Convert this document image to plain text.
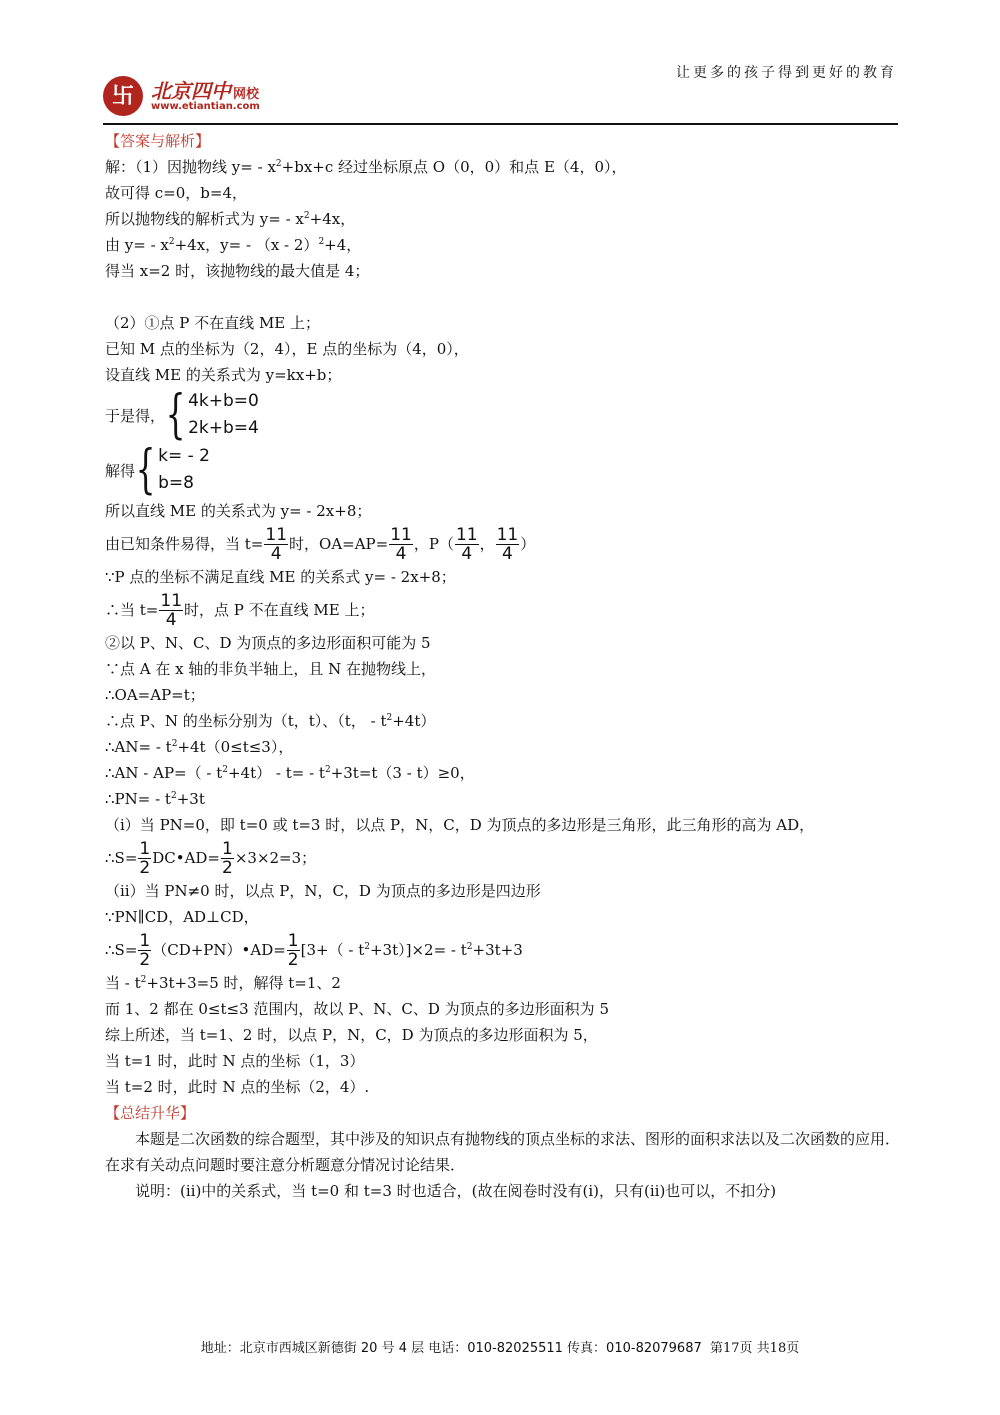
让更多的孩子得到更好的教育
卐 北京四中 网校
www.etiantian.com
【答案与解析】
解：（1）因抛物线 $y= - x^2+bx+c$ 经过坐标原点 O（0，0）和点 E（4，0），
故可得 c=0，b=4，
所以抛物线的解析式为 $y= - x^2+4x$，
由 $y= - x^2+4x$，y= - （x - 2）$^2$+4，
得当 x=2 时，该抛物线的最大值是 4；
（2）①点 P 不在直线 ME 上；
已知 M 点的坐标为（2，4），E 点的坐标为（4，0），
设直线 ME 的关系式为 y=kx+b；
于是得， { 4k+b=0
2k+b=4
解得 { k= - 2
b=8
所以直线 ME 的关系式为 y= - 2x+8；
由已知条件易得，当 $t= \frac{11}{4}$ 时，$OA=AP= \frac{11}{4}$ ，$P( \frac{11}{4}$ ， $\frac{11}{4}$ ）
∵P 点的坐标不满足直线 ME 的关系式 y= - 2x+8；
∴当 $t= \frac{11}{4}$ 时，点 P 不在直线 ME 上；
②以 P、N、C、D 为顶点的多边形面积可能为 5
∵点 A 在 x 轴的非负半轴上，且 N 在抛物线上，
∴OA=AP=t；
∴点 P、N 的坐标分别为（t，t）、（t， - $t^2+4t$）
∴AN= - $t^2+4t(0\le t\le 3)$，
∴AN - $AP=( - t^2+4t) - t= - t^2+3t=t(3 - t)\ge 0$，
∴PN= - $t^2+3t$
（ⅰ）当 PN=0，即 t=0 或 t=3 时，以点 P，N，C，D 为顶点的多边形是三角形，此三角形的高为 AD，
∴S= $\frac{1}{2}$ DC•AD= $\frac{1}{2} \times 3\times 2=3$；
（ⅱ）当 PN≠0 时，以点 P，N，C，D 为顶点的多边形是四边形
∵PN∥CD，AD⊥CD，
∴S= $\frac{1}{2}$ （CD+PN）•AD= $\frac{1}{2} [3+( - t^2+3t)]\times 2= - t^2+3t+3$
当 - $t^2+3t+3=5$ 时，解得 t=1、2
而 1、2 都在 0≤t≤3 范围内，故以 P、N、C、D 为顶点的多边形面积为 5
综上所述，当 t=1、2 时，以点 P，N，C，D 为顶点的多边形面积为 5，
当 t=1 时，此时 N 点的坐标（1，3）
当 t=2 时，此时 N 点的坐标（2，4）.
【总结升华】
本题是二次函数的综合题型，其中涉及的知识点有抛物线的顶点坐标的求法、图形的面积求法以及二次函数的应用．在求有关动点问题时要注意分析题意分情况讨论结果．
说明：(ⅱ)中的关系式，当 t=0 和 t=3 时也适合，(故在阅卷时没有(ⅰ)，只有(ⅱ)也可以，不扣分)
地址：北京市西城区新德街 20 号 4 层 电话：010-82025511 传真：010-82079687 第17页 共18页
